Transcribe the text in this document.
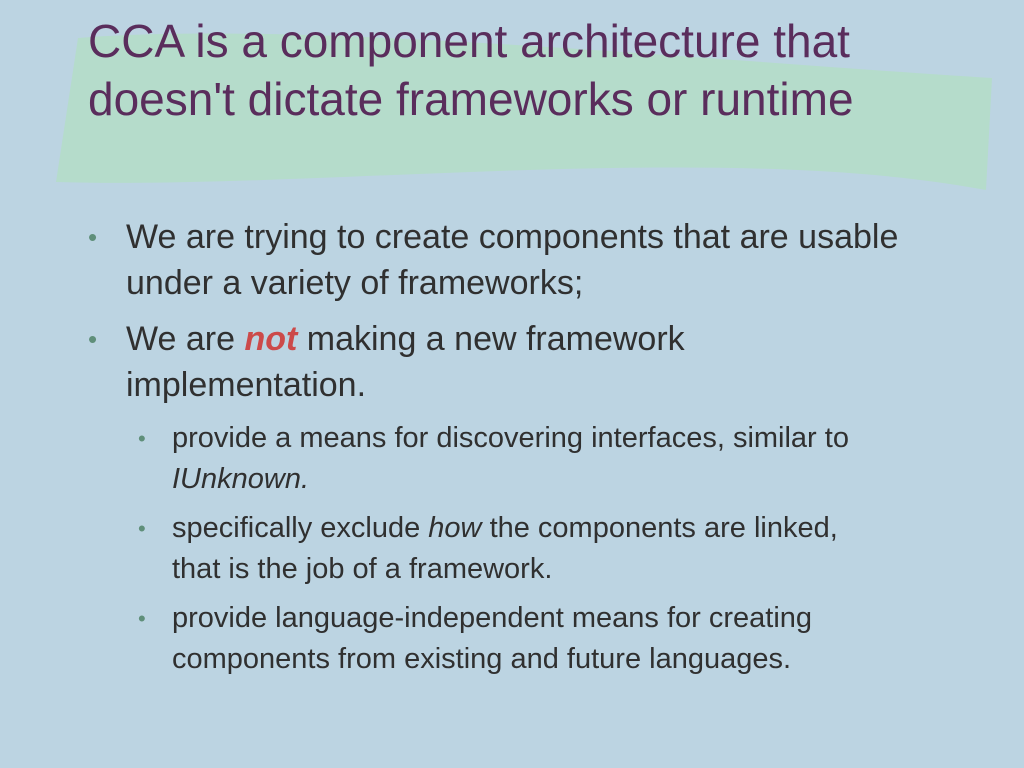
CCA is a component architecture that doesn't dictate frameworks or runtime
• We are trying to create components that are usable under a variety of frameworks;
• We are not making a new framework implementation.
• provide a means for discovering interfaces, similar to IUnknown.
• specifically exclude how the components are linked, that is the job of a framework.
• provide language-independent means for creating components from existing and future languages.
